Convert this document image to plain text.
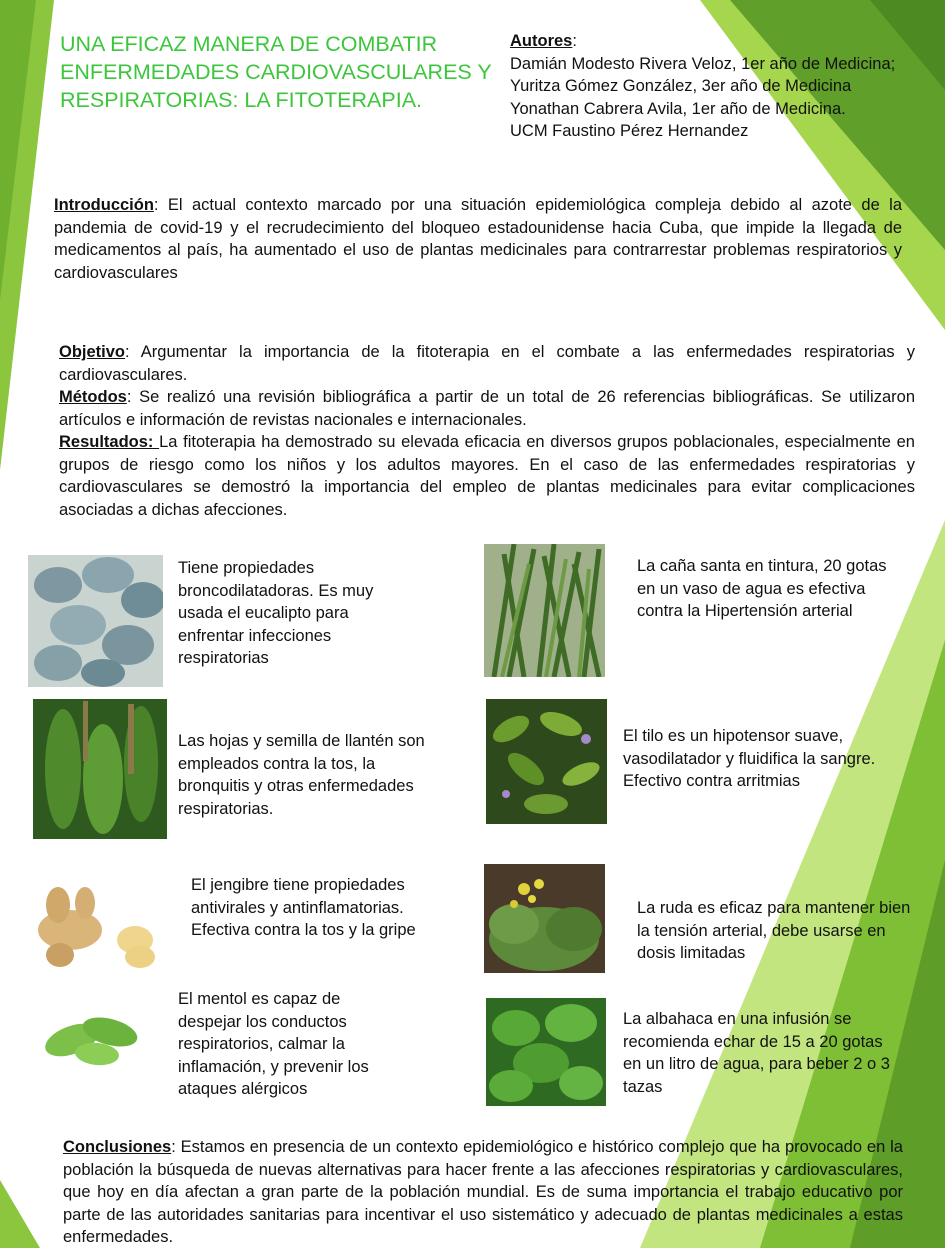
UNA EFICAZ MANERA DE COMBATIR ENFERMEDADES CARDIOVASCULARES Y RESPIRATORIAS: LA FITOTERAPIA.
Autores:
Damián Modesto Rivera Veloz, 1er año de Medicina;
Yuritza Gómez González, 3er año de Medicina
Yonathan Cabrera Avila, 1er año de Medicina.
UCM Faustino Pérez Hernandez
Introducción: El actual contexto marcado por una situación epidemiológica compleja debido al azote de la pandemia de covid-19 y el recrudecimiento del bloqueo estadounidense hacia Cuba, que impide la llegada de medicamentos al país, ha aumentado el uso de plantas medicinales para contrarrestar problemas respiratorios y cardiovasculares
Objetivo: Argumentar la importancia de la fitoterapia en el combate a las enfermedades respiratorias y cardiovasculares.
Métodos: Se realizó una revisión bibliográfica a partir de un total de 26 referencias bibliográficas. Se utilizaron artículos e información de revistas nacionales e internacionales.
Resultados: La fitoterapia ha demostrado su elevada eficacia en diversos grupos poblacionales, especialmente en grupos de riesgo como los niños y los adultos mayores. En el caso de las enfermedades respiratorias y cardiovasculares se demostró la importancia del empleo de plantas medicinales para evitar complicaciones asociadas a dichas afecciones.
Tiene propiedades broncodilatadoras. Es muy usada el eucalipto para enfrentar infecciones respiratorias
La caña santa en tintura, 20 gotas en un vaso de agua es efectiva contra la Hipertensión arterial
Las hojas y semilla de llantén son empleados contra la tos, la bronquitis y otras enfermedades respiratorias.
El tilo es un hipotensor suave, vasodilatador y fluidifica la sangre. Efectivo contra arritmias
El jengibre tiene propiedades antivirales y antinflamatorias. Efectiva contra la tos y la gripe
La ruda es eficaz para mantener bien la tensión arterial, debe usarse en dosis limitadas
El mentol es capaz de despejar los conductos respiratorios, calmar la inflamación, y prevenir los ataques alérgicos
La albahaca en una infusión se recomienda echar de 15 a 20 gotas en un litro de agua, para beber 2 o 3 tazas
Conclusiones: Estamos en presencia de un contexto epidemiológico e histórico complejo que ha provocado en la población la búsqueda de nuevas alternativas para hacer frente a las afecciones respiratorias y cardiovasculares, que hoy en día afectan a gran parte de la población mundial. Es de suma importancia el trabajo educativo por parte de las autoridades sanitarias para incentivar el uso sistemático y adecuado de plantas medicinales a estas enfermedades.
